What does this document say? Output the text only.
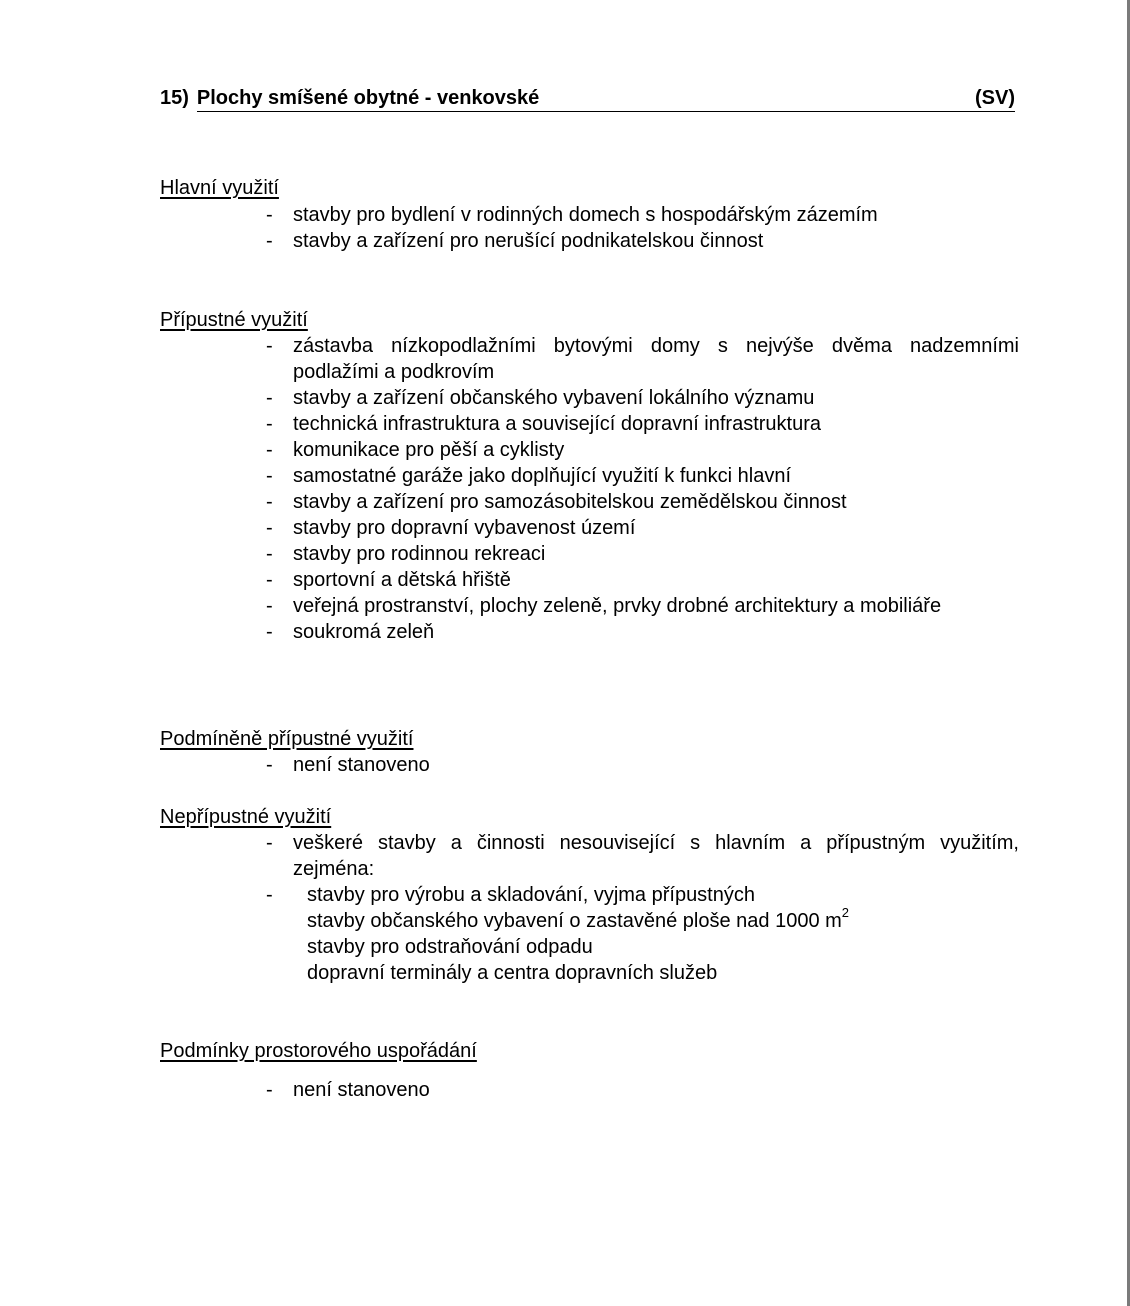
15) Plochy smíšené obytné - venkovské	(SV)
Hlavní využití
- stavby pro bydlení v rodinných domech s hospodářským zázemím
- stavby a zařízení pro nerušící podnikatelskou činnost
Přípustné využití
- zástavba nízkopodlažními bytovými domy s nejvýše dvěma nadzemními podlažími a podkrovím
- stavby a zařízení občanského vybavení lokálního významu
- technická infrastruktura a související dopravní infrastruktura
- komunikace pro pěší a cyklisty
- samostatné garáže jako doplňující využití k funkci hlavní
- stavby a zařízení pro samozásobitelskou zemědělskou činnost
- stavby pro dopravní vybavenost území
- stavby pro rodinnou rekreaci
- sportovní a dětská hřiště
- veřejná prostranství, plochy zeleně, prvky drobné architektury a mobiliáře
- soukromá zeleň
Podmíněně přípustné využití
- není stanoveno
Nepřípustné využití
- veškeré stavby a činnosti nesouvisející s hlavním a přípustným využitím, zejména:
- stavby pro výrobu a skladování, vyjma přípustných
stavby občanského vybavení o zastavěné ploše nad 1000 $m^2$
stavby pro odstraňování odpadu
dopravní terminály a centra dopravních služeb
Podmínky prostorového uspořádání
- není stanoveno
